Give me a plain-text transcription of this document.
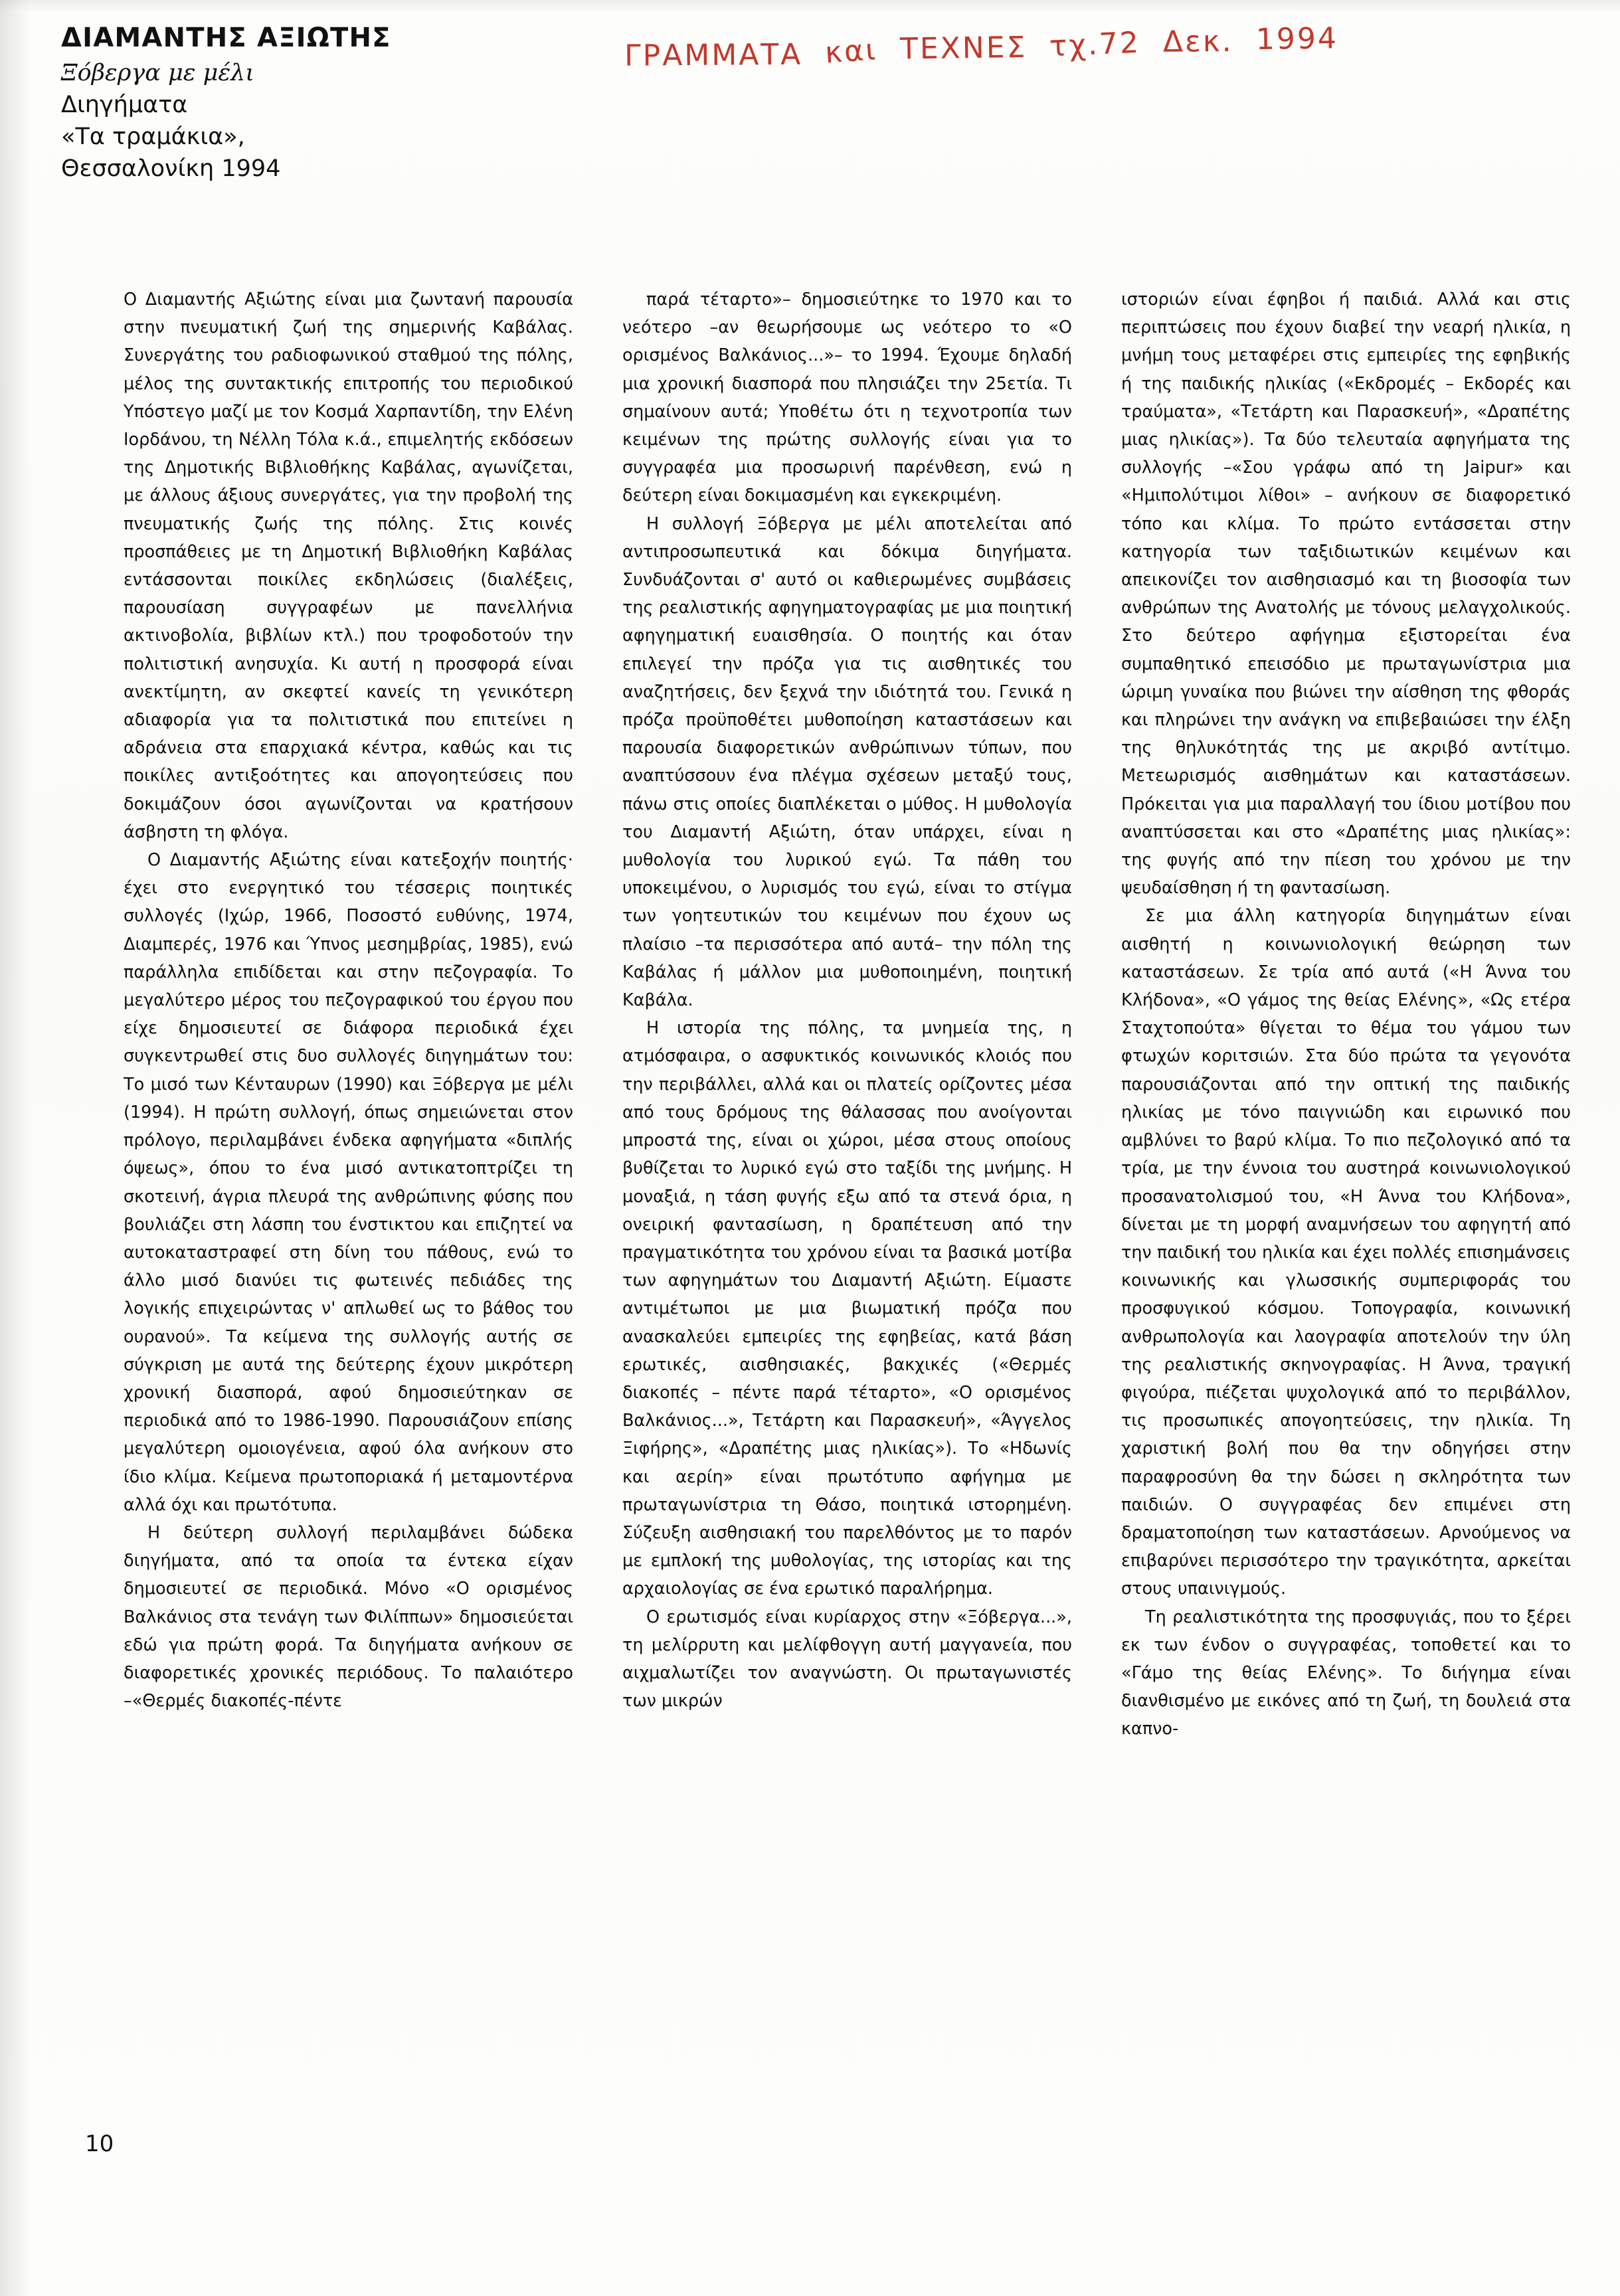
ΔΙΑΜΑΝΤΗΣ ΑΞΙΩΤΗΣ
Ξόβεργα με μέλι
Διηγήματα
«Τα τραμάκια»,
Θεσσαλονίκη 1994
ΓΡΑΜΜΑΤΑ και ΤΕΧΝΕΣ τχ.72 Δεκ. 1994

Ο Διαμαντής Αξιώτης είναι μια ζωντανή παρουσία στην πνευματική ζωή της σημερινής Καβάλας. Συνεργάτης του ραδιοφωνικού σταθμού της πόλης, μέλος της συντακτικής επιτροπής του περιοδικού Υπόστεγο μαζί με τον Κοσμά Χαρπαντίδη, την Ελένη Ιορδάνου, τη Νέλλη Τόλα κ.ά., επιμελητής εκδόσεων της Δημοτικής Βιβλιοθήκης Καβάλας, αγωνίζεται, με άλλους άξιους συνεργάτες, για την προβολή της πνευματικής ζωής της πόλης. Στις κοινές προσπάθειες με τη Δημοτική Βιβλιοθήκη Καβάλας εντάσσονται ποικίλες εκδηλώσεις (διαλέξεις, παρουσίαση συγγραφέων με πανελλήνια ακτινοβολία, βιβλίων κτλ.) που τροφοδοτούν την πολιτιστική ανησυχία. Κι αυτή η προσφορά είναι ανεκτίμητη, αν σκεφτεί κανείς τη γενικότερη αδιαφορία για τα πολιτιστικά που επιτείνει η αδράνεια στα επαρχιακά κέντρα, καθώς και τις ποικίλες αντιξοότητες και απογοητεύσεις που δοκιμάζουν όσοι αγωνίζονται να κρατήσουν άσβηστη τη φλόγα.

Ο Διαμαντής Αξιώτης είναι κατεξοχήν ποιητής· έχει στο ενεργητικό του τέσσερις ποιητικές συλλογές (Ιχώρ, 1966, Ποσοστό ευθύνης, 1974, Διαμπερές, 1976 και Ύπνος μεσημβρίας, 1985), ενώ παράλληλα επιδίδεται και στην πεζογραφία. Το μεγαλύτερο μέρος του πεζογραφικού του έργου που είχε δημοσιευτεί σε διάφορα περιοδικά έχει συγκεντρωθεί στις δυο συλλογές διηγημάτων του: Το μισό των Κένταυρων (1990) και Ξόβεργα με μέλι (1994). Η πρώτη συλλογή, όπως σημειώνεται στον πρόλογο, περιλαμβάνει ένδεκα αφηγήματα «διπλής όψεως», όπου το ένα μισό αντικατοπτρίζει τη σκοτεινή, άγρια πλευρά της ανθρώπινης φύσης που βουλιάζει στη λάσπη του ένστικτου και επιζητεί να αυτοκαταστραφεί στη δίνη του πάθους, ενώ το άλλο μισό διανύει τις φωτεινές πεδιάδες της λογικής επιχειρώντας ν' απλωθεί ως το βάθος του ουρανού». Τα κείμενα της συλλογής αυτής σε σύγκριση με αυτά της δεύτερης έχουν μικρότερη χρονική διασπορά, αφού δημοσιεύτηκαν σε περιοδικά από το 1986-1990. Παρουσιάζουν επίσης μεγαλύτερη ομοιογένεια, αφού όλα ανήκουν στο ίδιο κλίμα. Κείμενα πρωτοποριακά ή μεταμοντέρνα αλλά όχι και πρωτότυπα.

Η δεύτερη συλλογή περιλαμβάνει δώδεκα διηγήματα, από τα οποία τα έντεκα είχαν δημοσιευτεί σε περιοδικά. Μόνο «Ο ορισμένος Βαλκάνιος στα τενάγη των Φιλίππων» δημοσιεύεται εδώ για πρώτη φορά. Τα διηγήματα ανήκουν σε διαφορετικές χρονικές περιόδους. Το παλαιότερο –«Θερμές διακοπές-πέντε

παρά τέταρτο»– δημοσιεύτηκε το 1970 και το νεότερο –αν θεωρήσουμε ως νεότερο το «Ο ορισμένος Βαλκάνιος...»– το 1994. Έχουμε δηλαδή μια χρονική διασπορά που πλησιάζει την 25ετία. Τι σημαίνουν αυτά; Υποθέτω ότι η τεχνοτροπία των κειμένων της πρώτης συλλογής είναι για το συγγραφέα μια προσωρινή παρένθεση, ενώ η δεύτερη είναι δοκιμασμένη και εγκεκριμένη.

Η συλλογή Ξόβεργα με μέλι αποτελείται από αντιπροσωπευτικά και δόκιμα διηγήματα. Συνδυάζονται σ' αυτό οι καθιερωμένες συμβάσεις της ρεαλιστικής αφηγηματογραφίας με μια ποιητική αφηγηματική ευαισθησία. Ο ποιητής και όταν επιλεγεί την πρόζα για τις αισθητικές του αναζητήσεις, δεν ξεχνά την ιδιότητά του. Γενικά η πρόζα προϋποθέτει μυθοποίηση καταστάσεων και παρουσία διαφορετικών ανθρώπινων τύπων, που αναπτύσσουν ένα πλέγμα σχέσεων μεταξύ τους, πάνω στις οποίες διαπλέκεται ο μύθος. Η μυθολογία του Διαμαντή Αξιώτη, όταν υπάρχει, είναι η μυθολογία του λυρικού εγώ. Τα πάθη του υποκειμένου, ο λυρισμός του εγώ, είναι το στίγμα των γοητευτικών του κειμένων που έχουν ως πλαίσιο –τα περισσότερα από αυτά– την πόλη της Καβάλας ή μάλλον μια μυθοποιημένη, ποιητική Καβάλα.

Η ιστορία της πόλης, τα μνημεία της, η ατμόσφαιρα, ο ασφυκτικός κοινωνικός κλοιός που την περιβάλλει, αλλά και οι πλατείς ορίζοντες μέσα από τους δρόμους της θάλασσας που ανοίγονται μπροστά της, είναι οι χώροι, μέσα στους οποίους βυθίζεται το λυρικό εγώ στο ταξίδι της μνήμης. Η μοναξιά, η τάση φυγής εξω από τα στενά όρια, η ονειρική φαντασίωση, η δραπέτευση από την πραγματικότητα του χρόνου είναι τα βασικά μοτίβα των αφηγημάτων του Διαμαντή Αξιώτη. Είμαστε αντιμέτωποι με μια βιωματική πρόζα που ανασκαλεύει εμπειρίες της εφηβείας, κατά βάση ερωτικές, αισθησιακές, βακχικές («Θερμές διακοπές – πέντε παρά τέταρτο», «Ο ορισμένος Βαλκάνιος...», Τετάρτη και Παρασκευή», «Άγγελος Ξιφήρης», «Δραπέτης μιας ηλικίας»). Το «Ηδωνίς και αερίη» είναι πρωτότυπο αφήγημα με πρωταγωνίστρια τη Θάσο, ποιητικά ιστορημένη. Σύζευξη αισθησιακή του παρελθόντος με το παρόν με εμπλοκή της μυθολογίας, της ιστορίας και της αρχαιολογίας σε ένα ερωτικό παραλήρημα.

Ο ερωτισμός είναι κυρίαρχος στην «Ξόβεργα...», τη μελίρρυτη και μελίφθογγη αυτή μαγγανεία, που αιχμαλωτίζει τον αναγνώστη. Οι πρωταγωνιστές των μικρών

ιστοριών είναι έφηβοι ή παιδιά. Αλλά και στις περιπτώσεις που έχουν διαβεί την νεαρή ηλικία, η μνήμη τους μεταφέρει στις εμπειρίες της εφηβικής ή της παιδικής ηλικίας («Εκδρομές – Εκδορές και τραύματα», «Τετάρτη και Παρασκευή», «Δραπέτης μιας ηλικίας»). Τα δύο τελευταία αφηγήματα της συλλογής –«Σου γράφω από τη Jaipur» και «Ημιπολύτιμοι λίθοι» – ανήκουν σε διαφορετικό τόπο και κλίμα. Το πρώτο εντάσσεται στην κατηγορία των ταξιδιωτικών κειμένων και απεικονίζει τον αισθησιασμό και τη βιοσοφία των ανθρώπων της Ανατολής με τόνους μελαγχολικούς. Στο δεύτερο αφήγημα εξιστορείται ένα συμπαθητικό επεισόδιο με πρωταγωνίστρια μια ώριμη γυναίκα που βιώνει την αίσθηση της φθοράς και πληρώνει την ανάγκη να επιβεβαιώσει την έλξη της θηλυκότητάς της με ακριβό αντίτιμο. Μετεωρισμός αισθημάτων και καταστάσεων. Πρόκειται για μια παραλλαγή του ίδιου μοτίβου που αναπτύσσεται και στο «Δραπέτης μιας ηλικίας»: της φυγής από την πίεση του χρόνου με την ψευδαίσθηση ή τη φαντασίωση.

Σε μια άλλη κατηγορία διηγημάτων είναι αισθητή η κοινωνιολογική θεώρηση των καταστάσεων. Σε τρία από αυτά («Η Άννα του Κλήδονα», «Ο γάμος της θείας Ελένης», «Ως ετέρα Σταχτοπούτα» θίγεται το θέμα του γάμου των φτωχών κοριτσιών. Στα δύο πρώτα τα γεγονότα παρουσιάζονται από την οπτική της παιδικής ηλικίας με τόνο παιγνιώδη και ειρωνικό που αμβλύνει το βαρύ κλίμα. Το πιο πεζολογικό από τα τρία, με την έννοια του αυστηρά κοινωνιολογικού προσανατολισμού του, «Η Άννα του Κλήδονα», δίνεται με τη μορφή αναμνήσεων του αφηγητή από την παιδική του ηλικία και έχει πολλές επισημάνσεις κοινωνικής και γλωσσικής συμπεριφοράς του προσφυγικού κόσμου. Τοπογραφία, κοινωνική ανθρωπολογία και λαογραφία αποτελούν την ύλη της ρεαλιστικής σκηνογραφίας. Η Άννα, τραγική φιγούρα, πιέζεται ψυχολογικά από το περιβάλλον, τις προσωπικές απογοητεύσεις, την ηλικία. Τη χαριστική βολή που θα την οδηγήσει στην παραφροσύνη θα την δώσει η σκληρότητα των παιδιών. Ο συγγραφέας δεν επιμένει στη δραματοποίηση των καταστάσεων. Αρνούμενος να επιβαρύνει περισσότερο την τραγικότητα, αρκείται στους υπαινιγμούς.

Τη ρεαλιστικότητα της προσφυγιάς, που το ξέρει εκ των ένδον ο συγγραφέας, τοποθετεί και το «Γάμο της θείας Ελένης». Το διήγημα είναι διανθισμένο με εικόνες από τη ζωή, τη δουλειά στα καπνο-

10
